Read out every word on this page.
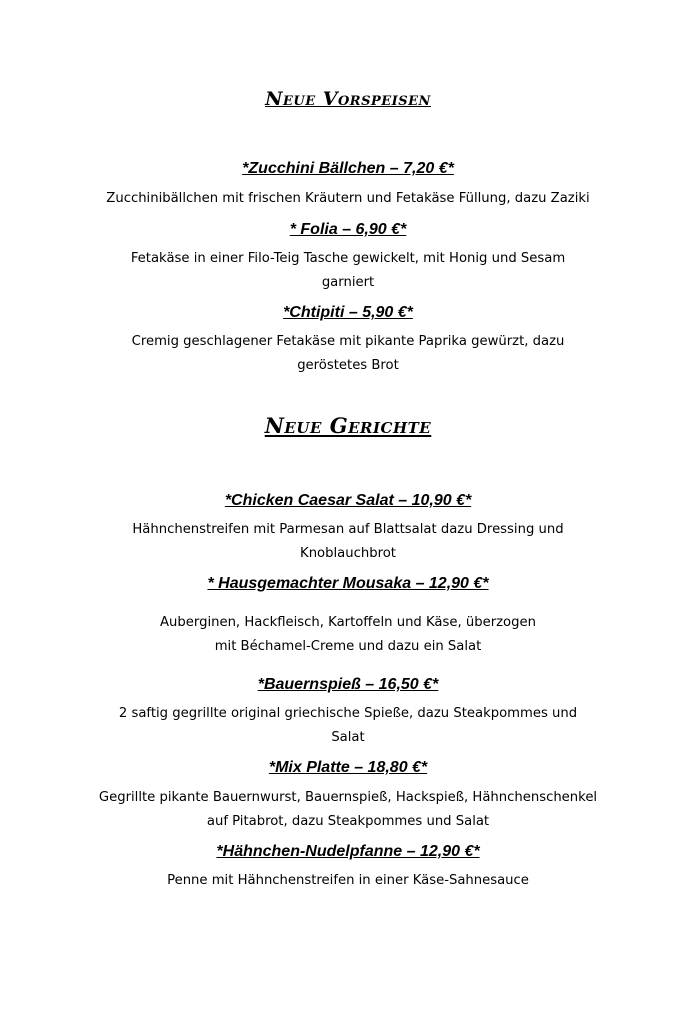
Neue Vorspeisen
*Zucchini Bällchen – 7,20 €*
Zucchinibällchen mit frischen Kräutern und Fetakäse Füllung, dazu Zaziki
* Folia – 6,90 €*
Fetakäse in einer Filo-Teig Tasche gewickelt, mit Honig und Sesam
garniert
*Chtipiti – 5,90 €*
Cremig geschlagener Fetakäse mit pikante Paprika gewürzt, dazu
geröstetes Brot
Neue Gerichte
*Chicken Caesar Salat – 10,90 €*
Hähnchenstreifen mit Parmesan auf Blattsalat dazu Dressing und
Knoblauchbrot
* Hausgemachter Mousaka – 12,90 €*
Auberginen, Hackfleisch, Kartoffeln und Käse, überzogen
mit Béchamel-Creme und dazu ein Salat
*Bauernspieß – 16,50 €*
2 saftig gegrillte original griechische Spieße, dazu Steakpommes und
Salat
*Mix Platte – 18,80 €*
Gegrillte pikante Bauernwurst, Bauernspieß, Hackspieß, Hähnchenschenkel
auf Pitabrot, dazu Steakpommes und Salat
*Hähnchen-Nudelpfanne – 12,90 €*
Penne mit Hähnchenstreifen in einer Käse-Sahnesauce
